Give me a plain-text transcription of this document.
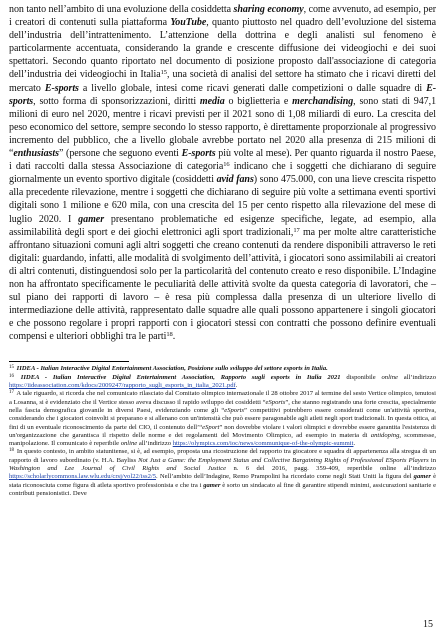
non tanto nell’ambito di una evoluzione della cosiddetta sharing economy, come avvenuto, ad esempio, per i creatori di contenuti sulla piattaforma YouTube, quanto piuttosto nel quadro dell’evoluzione del sistema dell’industria dell’intrattenimento. L’attenzione della dottrina e degli analisti sul fenomeno è particolarmente accentuata, considerando la grande e crescente diffusione dei videogiochi e dei suoi spettatori. Secondo quanto riportato nel documento di posizione proposto dall'associazione di categoria dell’industria dei videogiochi in Italia$^{15}$, una società di analisi del settore ha stimato che i ricavi diretti del mercato E-sports a livello globale, intesi come ricavi generati dalle competizioni o dalle squadre di E-sports, sotto forma di sponsorizzazioni, diritti media o biglietteria e merchandising, sono stati di 947,1 milioni di euro nel 2020, mentre i ricavi previsti per il 2021 sono di 1,08 miliardi di euro. La crescita del peso economico del settore, sempre secondo lo stesso rapporto, è direttamente proporzionale al progressivo incremento del pubblico, che a livello globale avrebbe portato nel 2020 alla presenza di 215 milioni di “enthusiasts” (persone che seguono eventi E-sports più volte al mese). Per quanto riguarda il nostro Paese, i dati raccolti dalla stessa Associazione di categoria$^{16}$ indicano che i soggetti che dichiarano di seguire giornalmente un evento sportivo digitale (cosiddetti avid fans) sono 475.000, con una lieve crescita rispetto alla precedente rilevazione, mentre i soggetti che dichiarano di seguire più volte a settimana eventi sportivi digitali sono 1 milione e 620 mila, con una crescita del 15 per cento rispetto alla rilevazione del mese di luglio 2020. I gamer presentano problematiche ed esigenze specifiche, legate, ad esempio, alla assimilabilità degli sport e dei giochi elettronici agli sport tradizionali,$^{17}$ ma per molte altre caratteristiche affrontano situazioni comuni agli altri soggetti che creano contenuti da rendere disponibili attraverso le reti digitali: guardando, infatti, alle modalità di svolgimento dell’attività, i giocatori sono assimilabili ai creatori di altri contenuti, distinguendosi solo per la particolarità del contenuto creato e reso disponibile. L’Indagine non ha affrontato specificamente le peculiarità delle attività svolte da questa categoria di lavoratori, che – sul piano dei rapporti di lavoro – è resa più complessa dalla presenza di un ulteriore livello di intermediazione delle attività, rappresentato dalle squadre alle quali possono appartenere i singoli giocatori e che possono regolare i propri rapporti con i giocatori stessi con contratti che possono definire eventuali compensi e ulteriori obblighi tra le parti$^{18}$.

$^{15}$ IIDEA - Italian Interactive Digital Entertainment Association, Posizione sullo sviluppo del settore esports in Italia.

$^{16}$ IIDEA - Italian Interactive Digital Entertainment Association, Rapporto sugli esports in Italia 2021 disponibile online all’indirizzo https://iideassociation.com/kdocs/2009247/rapporto_sugli_esports_in_italia_2021.pdf.

$^{17}$ A tale riguardo, si ricorda che nel comunicato rilasciato dal Comitato olimpico internazionale il 28 ottobre 2017 al termine del sesto Vertice olimpico, tenutosi a Losanna, si è evidenziato che il Vertice stesso aveva discusso il rapido sviluppo dei cosiddetti “eSports”, che stanno registrando una forte crescita, specialmente nella fascia demografica giovanile in diversi Paesi, evidenziando come gli “eSports” competitivi potrebbero essere considerati come un'attività sportiva, considerando che i giocatori coinvolti si preparano e si allenano con un'intensità che può essere paragonabile agli atleti negli sport tradizionali. In questa ottica, ai fini di un eventuale riconoscimento da parte del CIO, il contenuto dell’“eSport” non dovrebbe violare i valori olimpici e dovrebbe essere garantita l'esistenza di un'organizzazione che garantisca il rispetto delle norme e dei regolamenti del Movimento Olimpico, ad esempio in materia di antidoping, scommesse, manipolazione. Il comunicato è reperibile online all’indirizzo https://olympics.com/ioc/news/communique-of-the-olympic-summit.

$^{18}$ In questo contesto, in ambito statunitense, si è, ad esempio, proposta una ricostruzione del rapporto tra giocatore e squadra di appartenenza alla stregua di un rapporto di lavoro subordinato (v. H.A. Bayliss Not Just a Game: the Employment Status and Collective Bargaining Rights of Professional ESports Players in Washington and Lee Journal of Civil Rights and Social Justice n. 6 del 2016, pagg. 359-409, reperibile online all’indirizzo https://scholarlycommons.law.wlu.edu/crsj/vol22/iss2/5. Nell’ambito dell’Indagine, Remo Prampolini ha ricordato come negli Stati Uniti la figura del gamer è stata riconosciuta come figura di atleta sportivo professionista e che tra i gamer è sorto un sindacato al fine di garantire stipendi minimi, assicurazioni sanitarie e contributi pensionistici. Deve

15
